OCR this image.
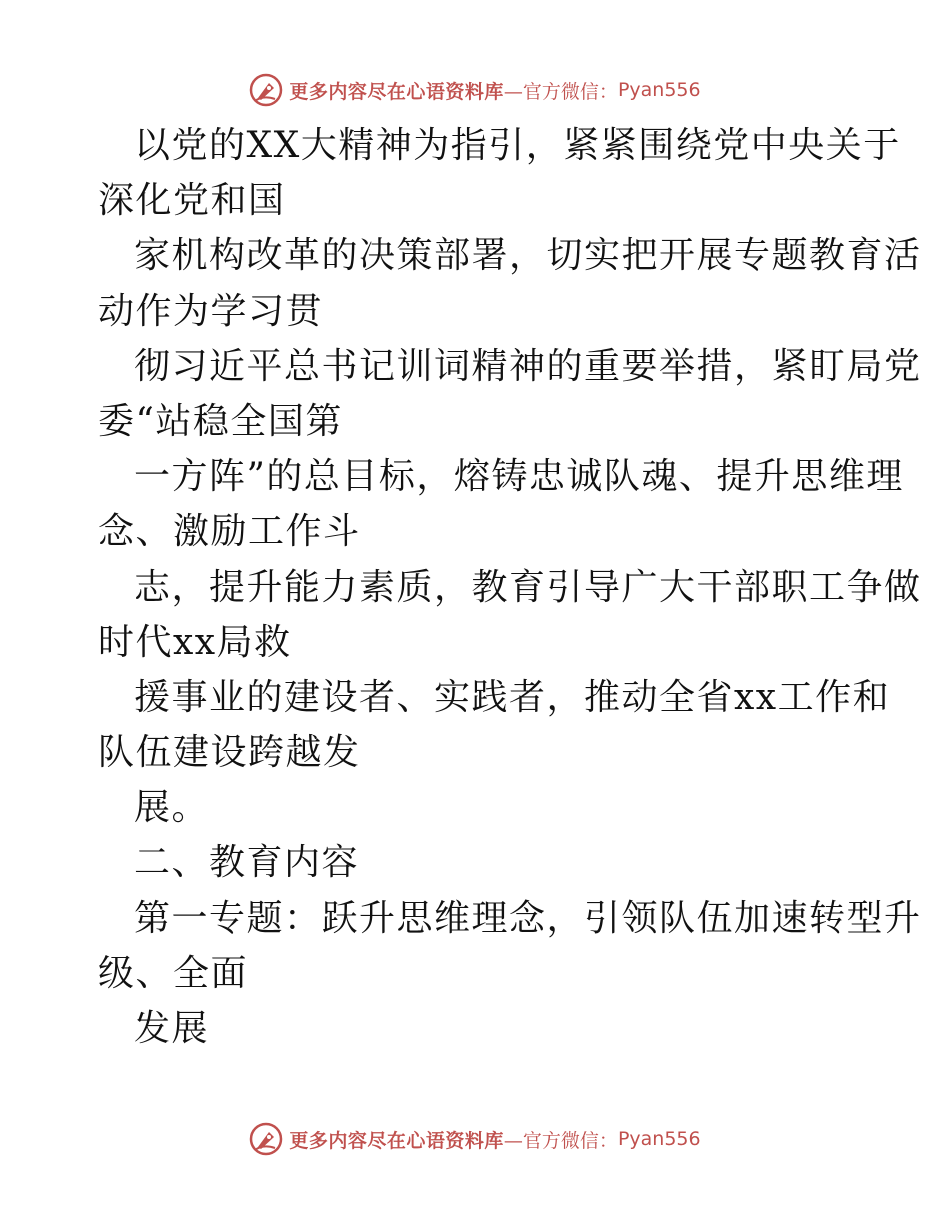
更多内容尽在心语资料库 —官方微信： Pyan556
以党的XX大精神为指引，紧紧围绕党中央关于
深化党和国
家机构改革的决策部署，切实把开展专题教育活
动作为学习贯
彻习近平总书记训词精神的重要举措，紧盯局党
委“站稳全国第
一方阵”的总目标，熔铸忠诚队魂、提升思维理
念、激励工作斗
志，提升能力素质，教育引导广大干部职工争做
时代xx局救
援事业的建设者、实践者，推动全省xx工作和
队伍建设跨越发
展。
二、教育内容
第一专题：跃升思维理念，引领队伍加速转型升
级、全面
发展
更多内容尽在心语资料库 —官方微信： Pyan556
